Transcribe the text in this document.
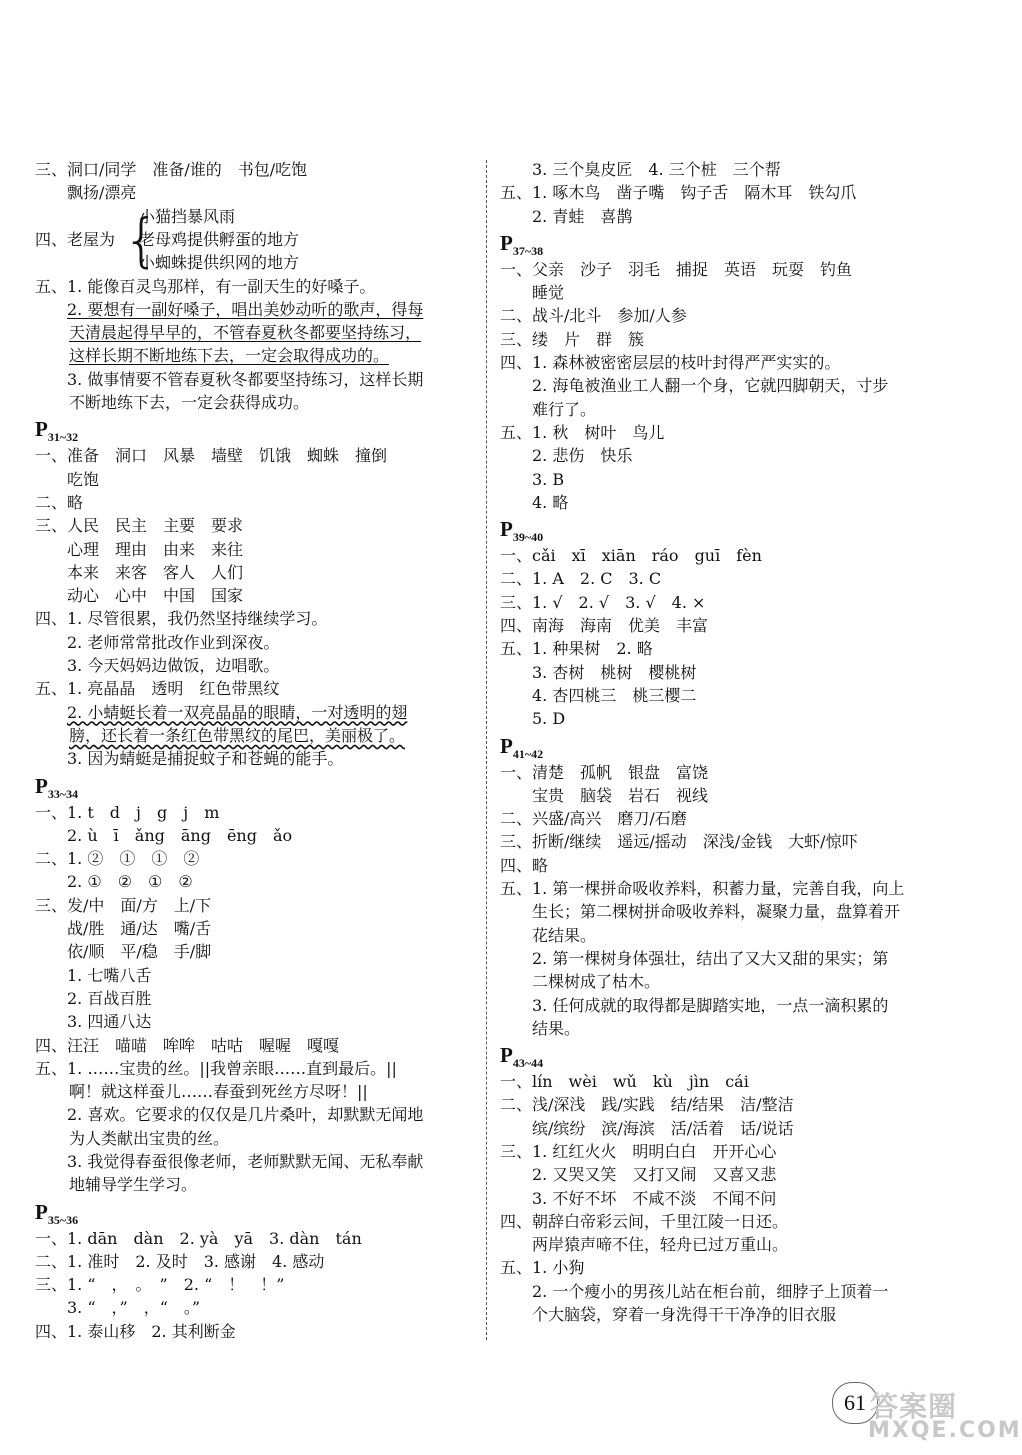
三、洞口/同学　准备/谁的　书包/吃饱
飘扬/漂亮
四、老屋为 {
小猫挡暴风雨
老母鸡提供孵蛋的地方
小蜘蛛提供织网的地方
五、1. 能像百灵鸟那样，有一副天生的好嗓子。
2. 要想有一副好嗓子，唱出美妙动听的歌声，得每
天清晨起得早早的，不管春夏秋冬都要坚持练习，
这样长期不断地练下去，一定会取得成功的。
3. 做事情要不管春夏秋冬都要坚持练习，这样长期
不断地练下去，一定会获得成功。
$P_{31\sim 32}$
一、准备　洞口　风暴　墙壁　饥饿　蜘蛛　撞倒
吃饱
二、略
三、人民　民主　主要　要求
心理　理由　由来　来往
本来　来客　客人　人们
动心　心中　中国　国家
四、1. 尽管很累，我仍然坚持继续学习。
2. 老师常常批改作业到深夜。
3. 今天妈妈边做饭，边唱歌。
五、1. 亮晶晶　透明　红色带黑纹
2. 小蜻蜓长着一双亮晶晶的眼睛，一对透明的翅
膀，还长着一条红色带黑纹的尾巴，美丽极了。
3. 因为蜻蜓是捕捉蚊子和苍蝇的能手。
$P_{33\sim 34}$
一、1. t　d　j　g　j　m
2. ù　ī　ǎng　āng　ēng　ǎo
二、1. ②　①　①　②
2. ①　②　①　②
三、发/中　面/方　上/下
战/胜　通/达　嘴/舌
依/顺　平/稳　手/脚
1. 七嘴八舌
2. 百战百胜
3. 四通八达
四、汪汪　喵喵　哞哞　咕咕　喔喔　嘎嘎
五、1. ……宝贵的丝。||我曾亲眼……直到最后。||
啊！就这样蚕儿……春蚕到死丝方尽呀！||
2. 喜欢。它要求的仅仅是几片桑叶，却默默无闻地
为人类献出宝贵的丝。
3. 我觉得春蚕很像老师，老师默默无闻、无私奉献
地辅导学生学习。
$P_{35\sim 36}$
一、1. dān　dàn　2. yà　yā　3. dàn　tán
二、1. 准时　2. 及时　3. 感谢　4. 感动
三、1. “　，　。　”　2. “　！　！”
3. “　，”　，“　。”
四、1. 泰山移　2. 其利断金
3. 三个臭皮匠　4. 三个桩　三个帮
五、1. 啄木鸟　凿子嘴　钩子舌　隔木耳　铁勾爪
2. 青蛙　喜鹊
$P_{37\sim 38}$
一、父亲　沙子　羽毛　捕捉　英语　玩耍　钓鱼
睡觉
二、战斗/北斗　参加/人参
三、缕　片　群　簇
四、1. 森林被密密层层的枝叶封得严严实实的。
2. 海龟被渔业工人翻一个身，它就四脚朝天，寸步
难行了。
五、1. 秋　树叶　鸟儿
2. 悲伤　快乐
3. B
4. 略
$P_{39\sim 40}$
一、cǎi　xī　xiān　ráo　guī　fèn
二、1. A　2. C　3. C
三、1. √　2. √　3. √　4. ×
四、南海　海南　优美　丰富
五、1. 种果树　2. 略
3. 杏树　桃树　樱桃树
4. 杏四桃三　桃三樱二
5. D
$P_{41\sim 42}$
一、清楚　孤帆　银盘　富饶
宝贵　脑袋　岩石　视线
二、兴盛/高兴　磨刀/石磨
三、折断/继续　遥远/摇动　深浅/金钱　大虾/惊吓
四、略
五、1. 第一棵拼命吸收养料，积蓄力量，完善自我，向上
生长；第二棵树拼命吸收养料，凝聚力量，盘算着开
花结果。
2. 第一棵树身体强壮，结出了又大又甜的果实；第
二棵树成了枯木。
3. 任何成就的取得都是脚踏实地，一点一滴积累的
结果。
$P_{43\sim 44}$
一、lín　wèi　wǔ　kù　jìn　cái
二、浅/深浅　践/实践　结/结果　洁/整洁
缤/缤纷　滨/海滨　活/活着　话/说话
三、1. 红红火火　明明白白　开开心心
2. 又哭又笑　又打又闹　又喜又悲
3. 不好不坏　不咸不淡　不闻不问
四、朝辞白帝彩云间，千里江陵一日还。
两岸猿声啼不住，轻舟已过万重山。
五、1. 小狗
2. 一个瘦小的男孩儿站在柜台前，细脖子上顶着一
个大脑袋，穿着一身洗得干干净净的旧衣服
61 答案圈
MXQE.COM
